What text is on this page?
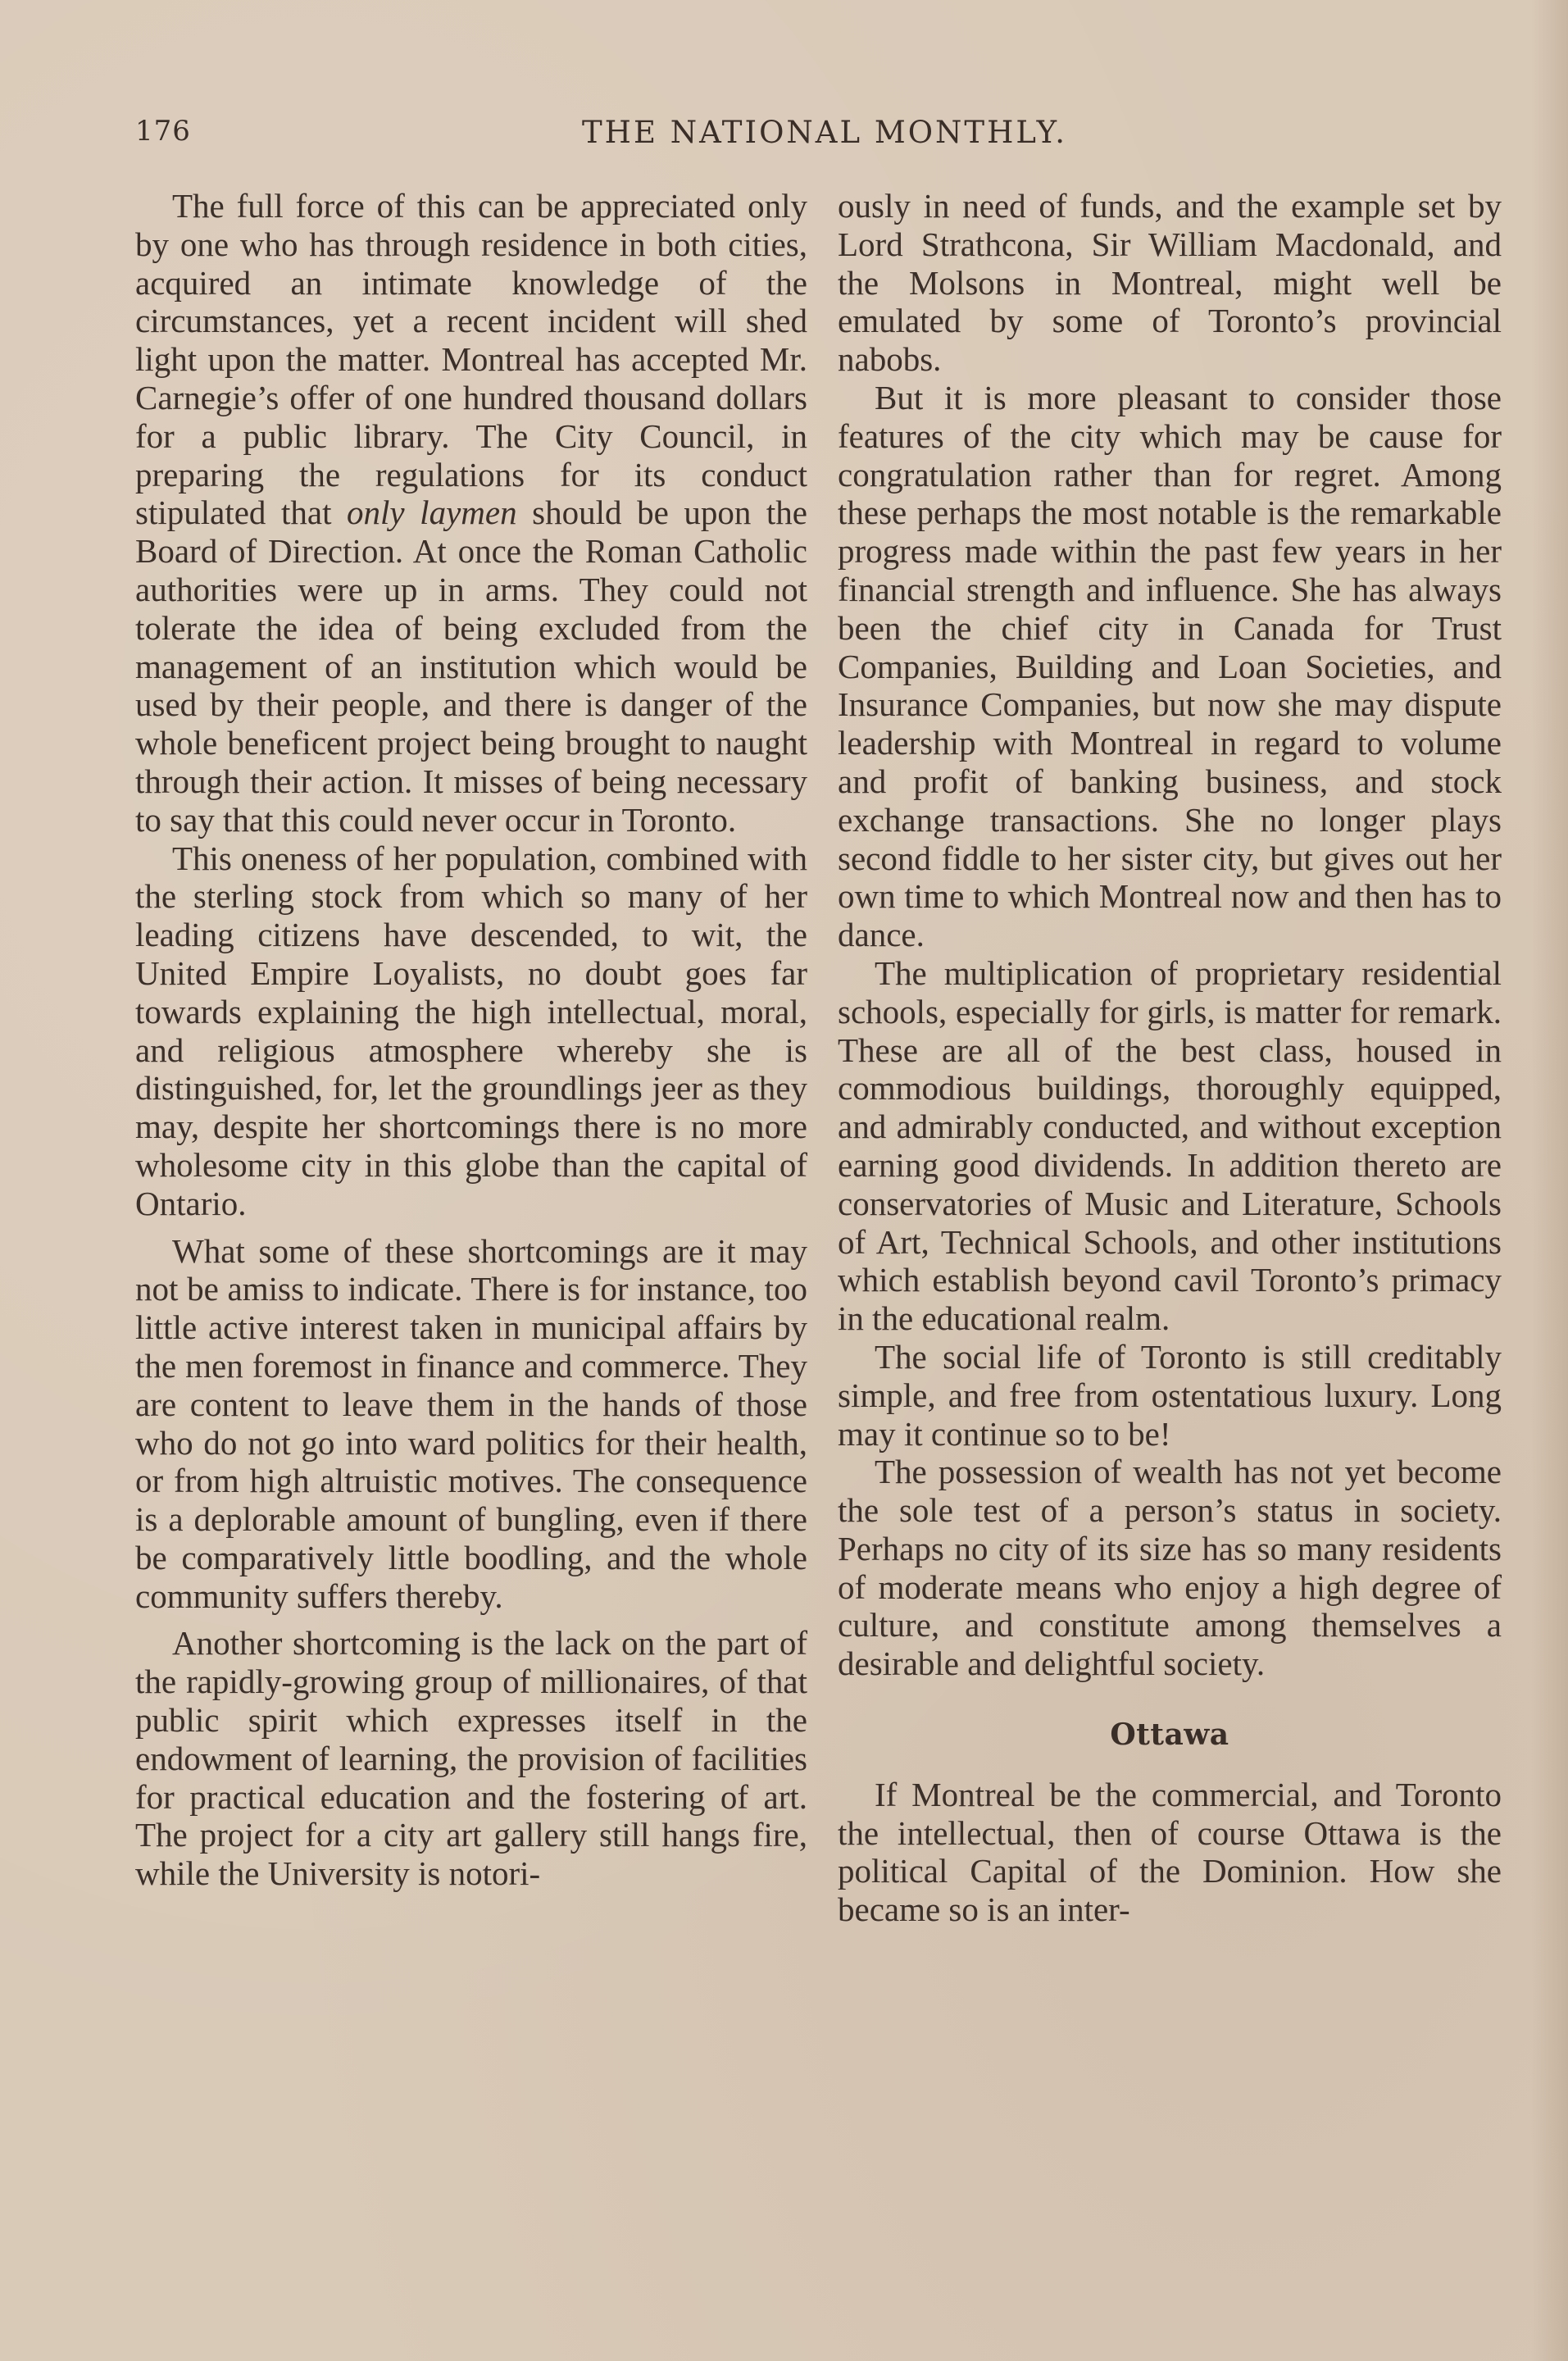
176	THE NATIONAL MONTHLY.

The full force of this can be appreciated only by one who has through residence in both cities, acquired an intimate knowledge of the circumstances, yet a recent incident will shed light upon the matter. Montreal has accepted Mr. Carnegie’s offer of one hundred thousand dollars for a public library. The City Council, in preparing the regulations for its conduct stipulated that only laymen should be upon the Board of Direction. At once the Roman Catholic authorities were up in arms. They could not tolerate the idea of being excluded from the management of an institution which would be used by their people, and there is danger of the whole beneficent project being brought to naught through their action. It misses of being necessary to say that this could never occur in Toronto.

This oneness of her population, combined with the sterling stock from which so many of her leading citizens have descended, to wit, the United Empire Loyalists, no doubt goes far towards explaining the high intellectual, moral, and religious atmosphere whereby she is distinguished, for, let the groundlings jeer as they may, despite her shortcomings there is no more wholesome city in this globe than the capital of Ontario.

What some of these shortcomings are it may not be amiss to indicate. There is for instance, too little active interest taken in municipal affairs by the men foremost in finance and commerce. They are content to leave them in the hands of those who do not go into ward politics for their health, or from high altruistic motives. The consequence is a deplorable amount of bungling, even if there be comparatively little boodling, and the whole community suffers thereby.

Another shortcoming is the lack on the part of the rapidly-growing group of millionaires, of that public spirit which expresses itself in the endowment of learning, the provision of facilities for practical education and the fostering of art. The project for a city art gallery still hangs fire, while the University is notori-

ously in need of funds, and the example set by Lord Strathcona, Sir William Macdonald, and the Molsons in Montreal, might well be emulated by some of Toronto’s provincial nabobs.

But it is more pleasant to consider those features of the city which may be cause for congratulation rather than for regret. Among these perhaps the most notable is the remarkable progress made within the past few years in her financial strength and influence. She has always been the chief city in Canada for Trust Companies, Building and Loan Societies, and Insurance Companies, but now she may dispute leadership with Montreal in regard to volume and profit of banking business, and stock exchange transactions. She no longer plays second fiddle to her sister city, but gives out her own time to which Montreal now and then has to dance.

The multiplication of proprietary residential schools, especially for girls, is matter for remark. These are all of the best class, housed in commodious buildings, thoroughly equipped, and admirably conducted, and without exception earning good dividends. In addition thereto are conservatories of Music and Literature, Schools of Art, Technical Schools, and other institutions which establish beyond cavil Toronto’s primacy in the educational realm.

The social life of Toronto is still creditably simple, and free from ostentatious luxury. Long may it continue so to be!

The possession of wealth has not yet become the sole test of a person’s status in society. Perhaps no city of its size has so many residents of moderate means who enjoy a high degree of culture, and constitute among themselves a desirable and delightful society.

Ottawa

If Montreal be the commercial, and Toronto the intellectual, then of course Ottawa is the political Capital of the Dominion. How she became so is an inter-
